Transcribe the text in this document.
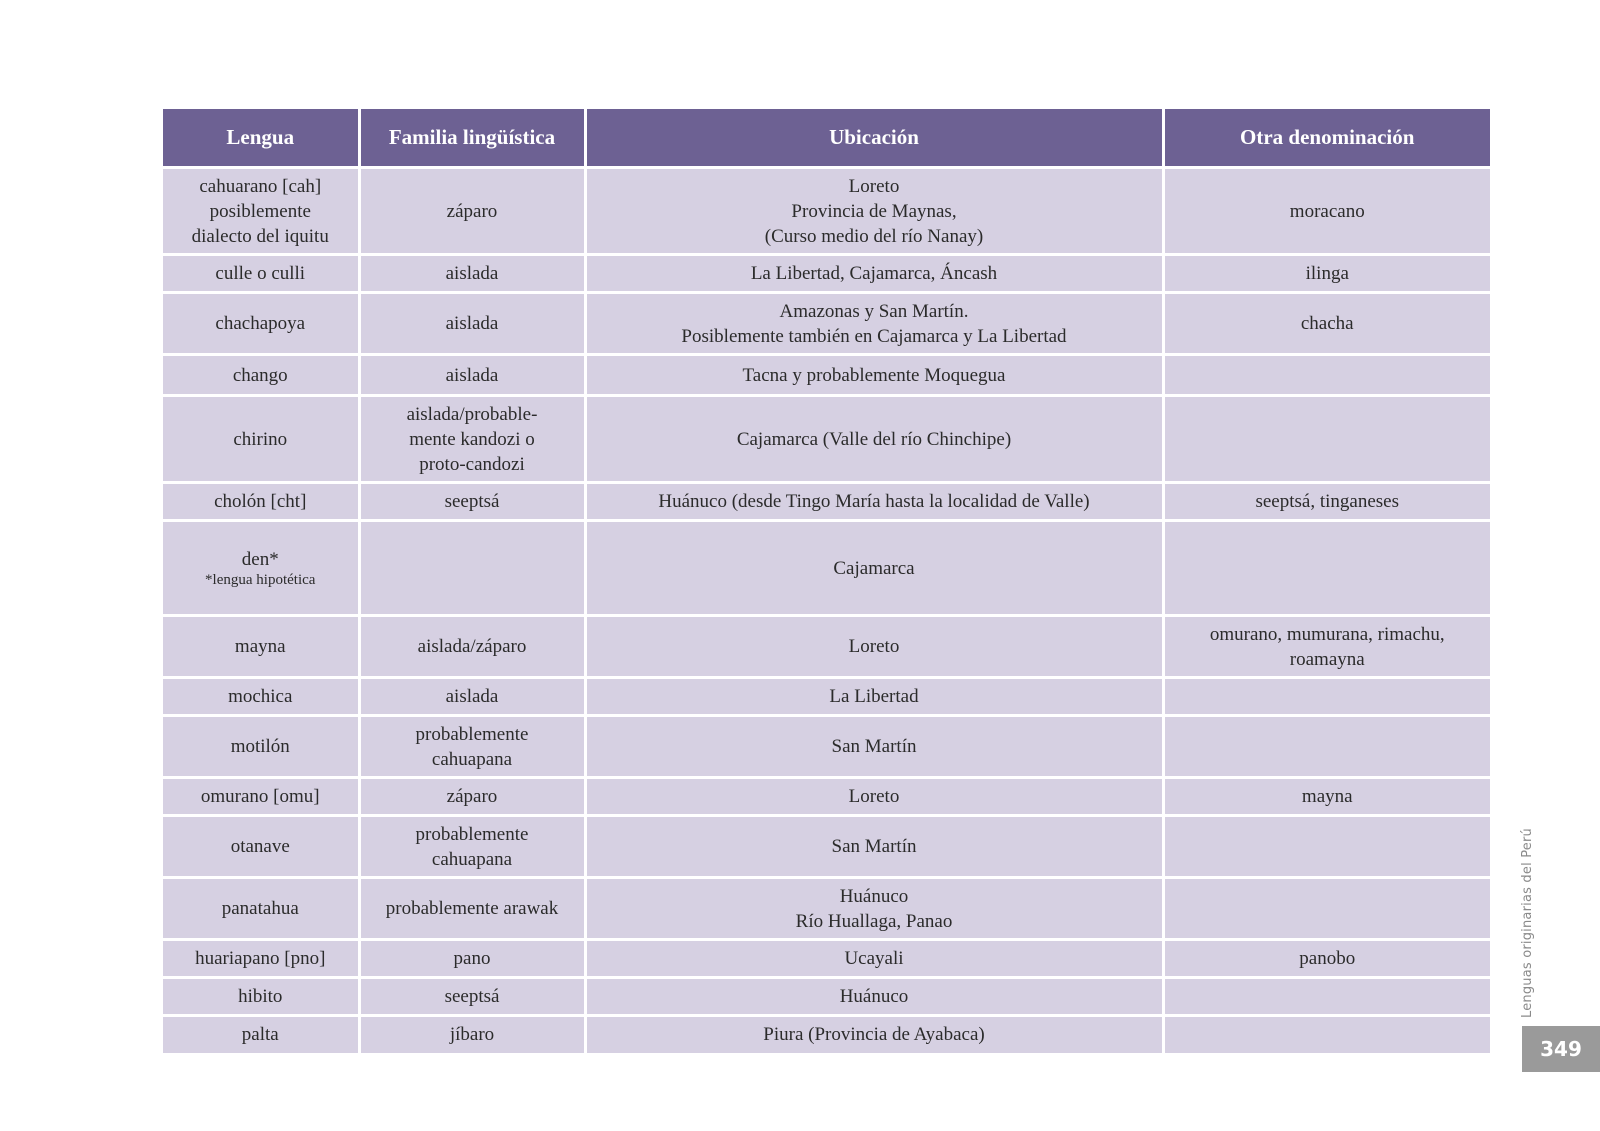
Lengua	Familia lingüística	Ubicación	Otra denominación
cahuarano [cah]
posiblemente
dialecto del iquitu	záparo	Loreto
Provincia de Maynas,
(Curso medio del río Nanay)	moracano
culle o culli	aislada	La Libertad, Cajamarca, Áncash	ilinga
chachapoya	aislada	Amazonas y San Martín.
Posiblemente también en Cajamarca y La Libertad	chacha
chango	aislada	Tacna y probablemente Moquegua	
chirino	aislada/probable-
mente kandozi o
proto-candozi	Cajamarca (Valle del río Chinchipe)	
cholón [cht]	seeptsá	Huánuco (desde Tingo María hasta la localidad de Valle)	seeptsá, tinganeses

den*

*lengua hipotética		Cajamarca	
mayna	aislada/záparo	Loreto	omurano, mumurana, rimachu,
roamayna
mochica	aislada	La Libertad	
motilón	probablemente
cahuapana	San Martín	
omurano [omu]	záparo	Loreto	mayna
otanave	probablemente
cahuapana	San Martín	
panatahua	probablemente arawak	Huánuco
Río Huallaga, Panao	
huariapano [pno]	pano	Ucayali	panobo
hibito	seeptsá	Huánuco	
palta	jíbaro	Piura (Provincia de Ayabaca)	
Lenguas originarias del Perú
349
